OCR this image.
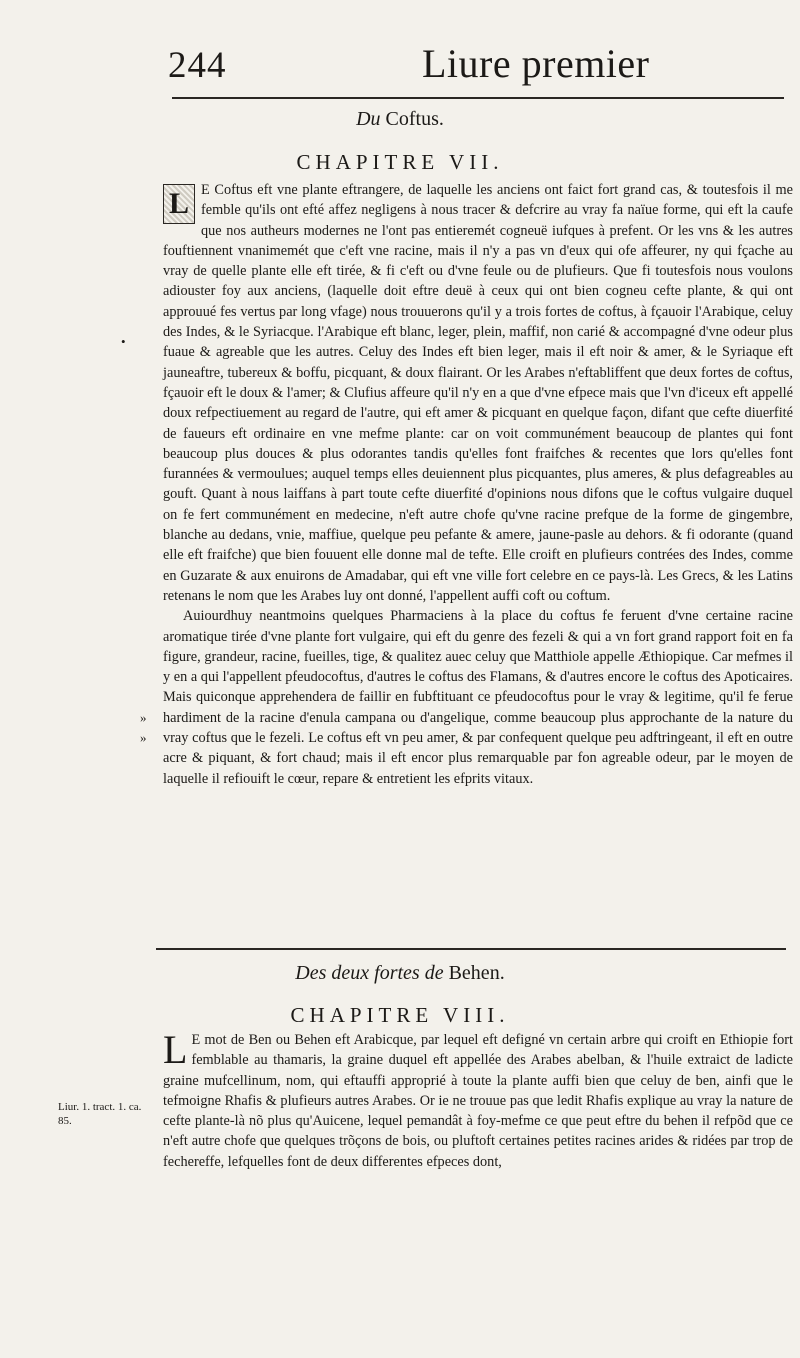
244	Liure premier
Du Coftus.
CHAPITRE VII.
L E Coftus eft vne plante eftrangere, de laquelle les anciens ont faict fort grand cas, & toutesfois il me femble qu'ils ont efté affez negligens à nous tracer & defcrire au vray fa naïue forme, qui eft la caufe que nos autheurs modernes ne l'ont pas entieremét cogneuë iufques à prefent. Or les vns & les autres fouftiennent vnanimemét que c'eft vne racine, mais il n'y a pas vn d'eux qui ofe affeurer, ny qui fçache au vray de quelle plante elle eft tirée, & fi c'eft ou d'vne feule ou de plufieurs. Que fi toutesfois nous voulons adiouster foy aux anciens, (laquelle doit eftre deuë à ceux qui ont bien cogneu cefte plante, & qui ont approuué fes vertus par long vfage) nous trouuerons qu'il y a trois fortes de coftus, à fçauoir l'Arabique, celuy des Indes, & le Syriacque. l'Arabique eft blanc, leger, plein, maffif, non carié & accompagné d'vne odeur plus fuaue & agreable que les autres. Celuy des Indes eft bien leger, mais il eft noir & amer, & le Syriaque eft jauneaftre, tubereux & boffu, picquant, & doux flairant. Or les Arabes n'eftabliffent que deux fortes de coftus, fçauoir eft le doux & l'amer; & Clufius affeure qu'il n'y en a que d'vne efpece mais que l'vn d'iceux eft appellé doux refpectiuement au regard de l'autre, qui eft amer & picquant en quelque façon, difant que cefte diuerfité de faueurs eft ordinaire en vne mefme plante: car on voit communément beaucoup de plantes qui font beaucoup plus douces & plus odorantes tandis qu'elles font fraifches & recentes que lors qu'elles font furannées & vermoulues; auquel temps elles deuiennent plus picquantes, plus ameres, & plus defagreables au gouft. Quant à nous laiffans à part toute cefte diuerfité d'opinions nous difons que le coftus vulgaire duquel on fe fert communément en medecine, n'eft autre chofe qu'vne racine prefque de la forme de gingembre, blanche au dedans, vnie, maffiue, quelque peu pefante & amere, jaune-pasle au dehors. & fi odorante (quand elle eft fraifche) que bien fouuent elle donne mal de tefte. Elle croift en plufieurs contrées des Indes, comme en Guzarate & aux enuirons de Amadabar, qui eft vne ville fort celebre en ce pays-là. Les Grecs, & les Latins retenans le nom que les Arabes luy ont donné, l'appellent auffi coft ou coftum.

Auiourdhuy neantmoins quelques Pharmaciens à la place du coftus fe feruent d'vne certaine racine aromatique tirée d'vne plante fort vulgaire, qui eft du genre des fezeli & qui a vn fort grand rapport foit en fa figure, grandeur, racine, fueilles, tige, & qualitez auec celuy que Matthiole appelle Æthiopique. Car mefmes il y en a qui l'appellent pfeudocoftus, d'autres le coftus des Flamans, & d'autres encore le coftus des Apoticaires. Mais quiconque apprehendera de faillir en fubftituant ce pfeudocoftus pour le vray & legitime, qu'il fe ferue hardiment de la racine d'enula campana ou d'angelique, comme beaucoup plus approchante de la nature du vray coftus que le fezeli. Le coftus eft vn peu amer, & par confequent quelque peu adftringeant, il eft en outre acre & piquant, & fort chaud; mais il eft encor plus remarquable par fon agreable odeur, par le moyen de laquelle il refiouift le cœur, repare & entretient les efprits vitaux.

•
»
»
Des deux fortes de Behen.
CHAPITRE VIII.
L E mot de Ben ou Behen eft Arabicque, par lequel eft defigné vn certain arbre qui croift en Ethiopie fort femblable au thamaris, la graine duquel eft appellée des Arabes abelban, & l'huile extraict de ladicte graine mufcellinum, nom, qui eftauffi approprié à toute la plante auffi bien que celuy de ben, ainfi que le tefmoigne Rhafis & plufieurs autres Arabes. Or ie ne trouue pas que ledit Rhafis explique au vray la nature de cefte plante-là nõ plus qu'Auicene, lequel pemandât à foy-mefme ce que peut eftre du behen il refpõd que ce n'eft autre chofe que quelques trõçons de bois, ou pluftoft certaines petites racines arides & ridées par trop de fechereffe, lefquelles font de deux differentes efpeces dont,

Liur. 1. tract. 1. ca. 85.
